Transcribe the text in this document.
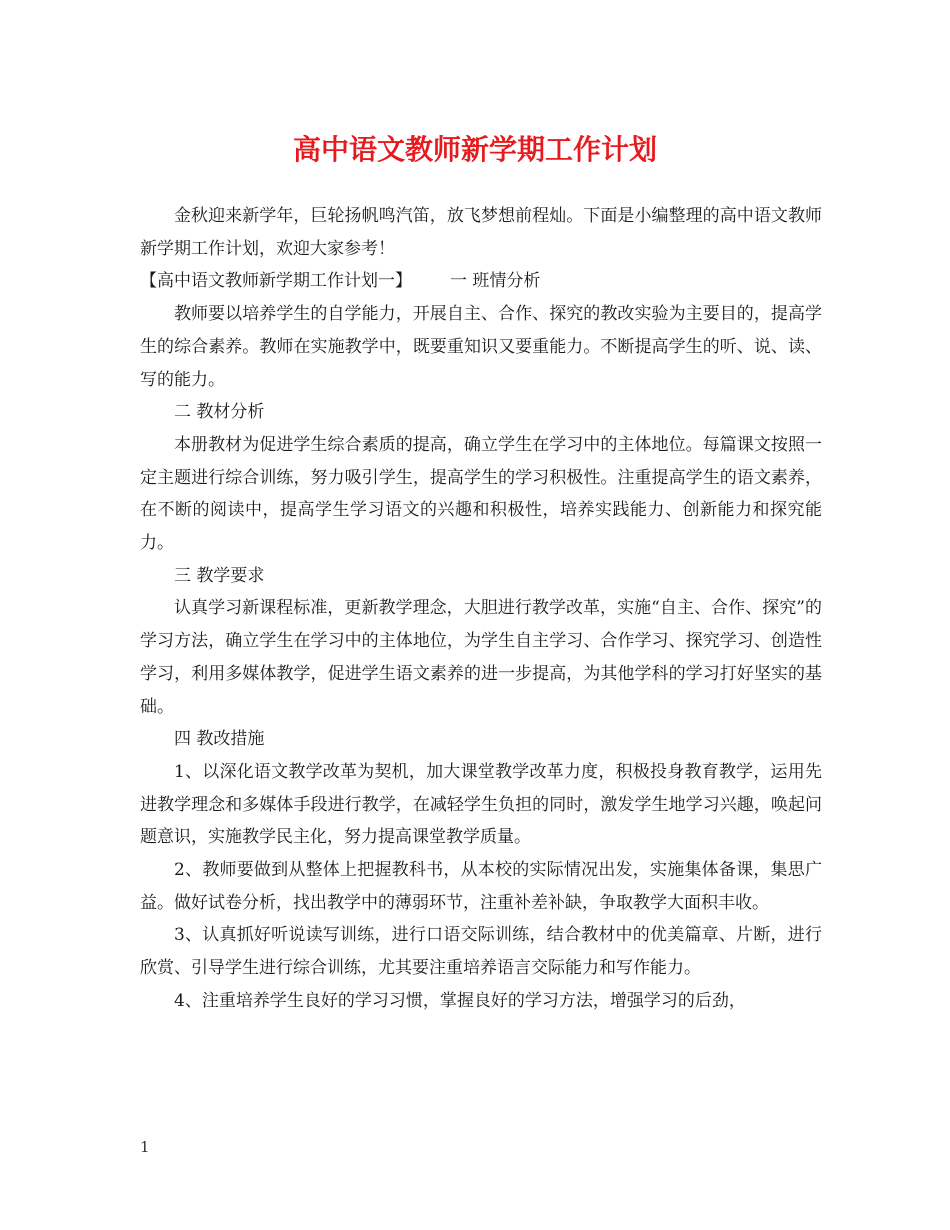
高中语文教师新学期工作计划

金秋迎来新学年，巨轮扬帆鸣汽笛，放飞梦想前程灿。下面是小编整理的高中语文教师新学期工作计划，欢迎大家参考！

【高中语文教师新学期工作计划一】 一 班情分析

教师要以培养学生的自学能力，开展自主、合作、探究的教改实验为主要目的，提高学生的综合素养。教师在实施教学中，既要重知识又要重能力。不断提高学生的听、说、读、写的能力。

二 教材分析

本册教材为促进学生综合素质的提高，确立学生在学习中的主体地位。每篇课文按照一定主题进行综合训练，努力吸引学生，提高学生的学习积极性。注重提高学生的语文素养，在不断的阅读中，提高学生学习语文的兴趣和积极性，培养实践能力、创新能力和探究能力。

三 教学要求

认真学习新课程标准，更新教学理念，大胆进行教学改革，实施“自主、合作、探究”的学习方法，确立学生在学习中的主体地位，为学生自主学习、合作学习、探究学习、创造性学习，利用多媒体教学，促进学生语文素养的进一步提高，为其他学科的学习打好坚实的基础。

四 教改措施

1、以深化语文教学改革为契机，加大课堂教学改革力度，积极投身教育教学，运用先进教学理念和多媒体手段进行教学，在减轻学生负担的同时，激发学生地学习兴趣，唤起问题意识，实施教学民主化，努力提高课堂教学质量。

2、教师要做到从整体上把握教科书，从本校的实际情况出发，实施集体备课，集思广益。做好试卷分析，找出教学中的薄弱环节，注重补差补缺，争取教学大面积丰收。

3、认真抓好听说读写训练，进行口语交际训练，结合教材中的优美篇章、片断，进行欣赏、引导学生进行综合训练，尤其要注重培养语言交际能力和写作能力。

4、注重培养学生良好的学习习惯，掌握良好的学习方法，增强学习的后劲，

1
